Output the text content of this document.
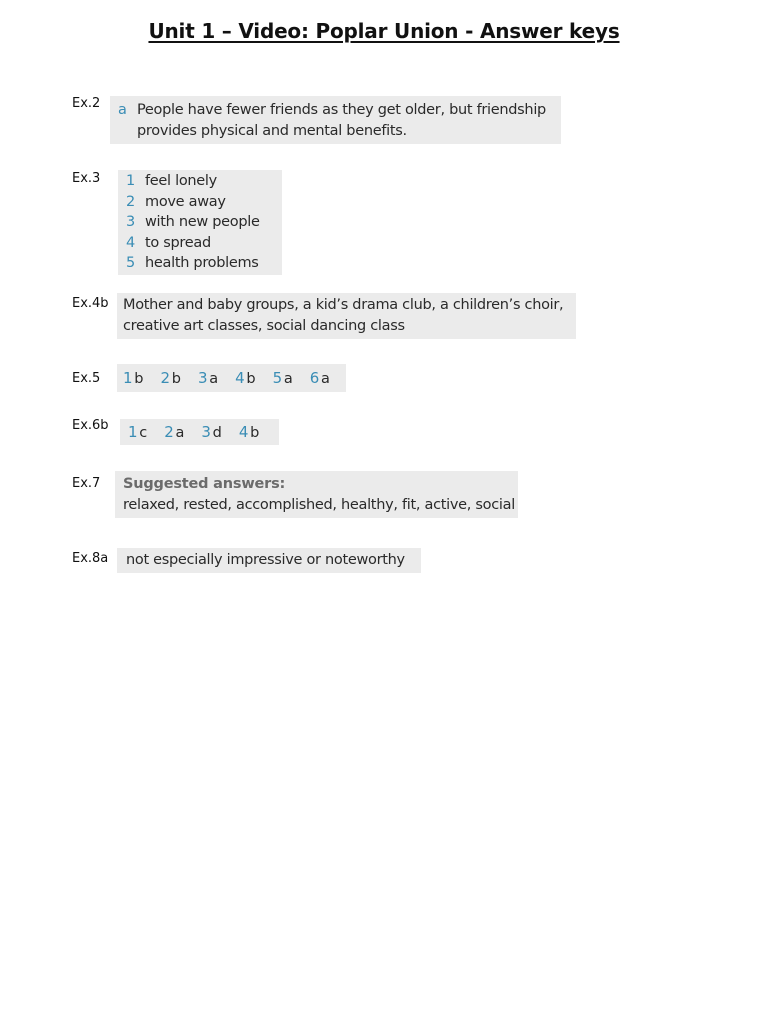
Unit 1 – Video: Poplar Union - Answer keys
Ex.2 a People have fewer friends as they get older, but friendship
provides physical and mental benefits.
Ex.3 1 feel lonely
2 move away
3 with new people
4 to spread
5 health problems
Ex.4b Mother and baby groups, a kid’s drama club, a children’s choir,
creative art classes, social dancing class
Ex.5 1 b 2 b 3 a 4 b 5 a 6 a
Ex.6b 1 c 2 a 3 d 4 b
Ex.7 Suggested answers:
relaxed, rested, accomplished, healthy, fit, active, social
Ex.8a not especially impressive or noteworthy
